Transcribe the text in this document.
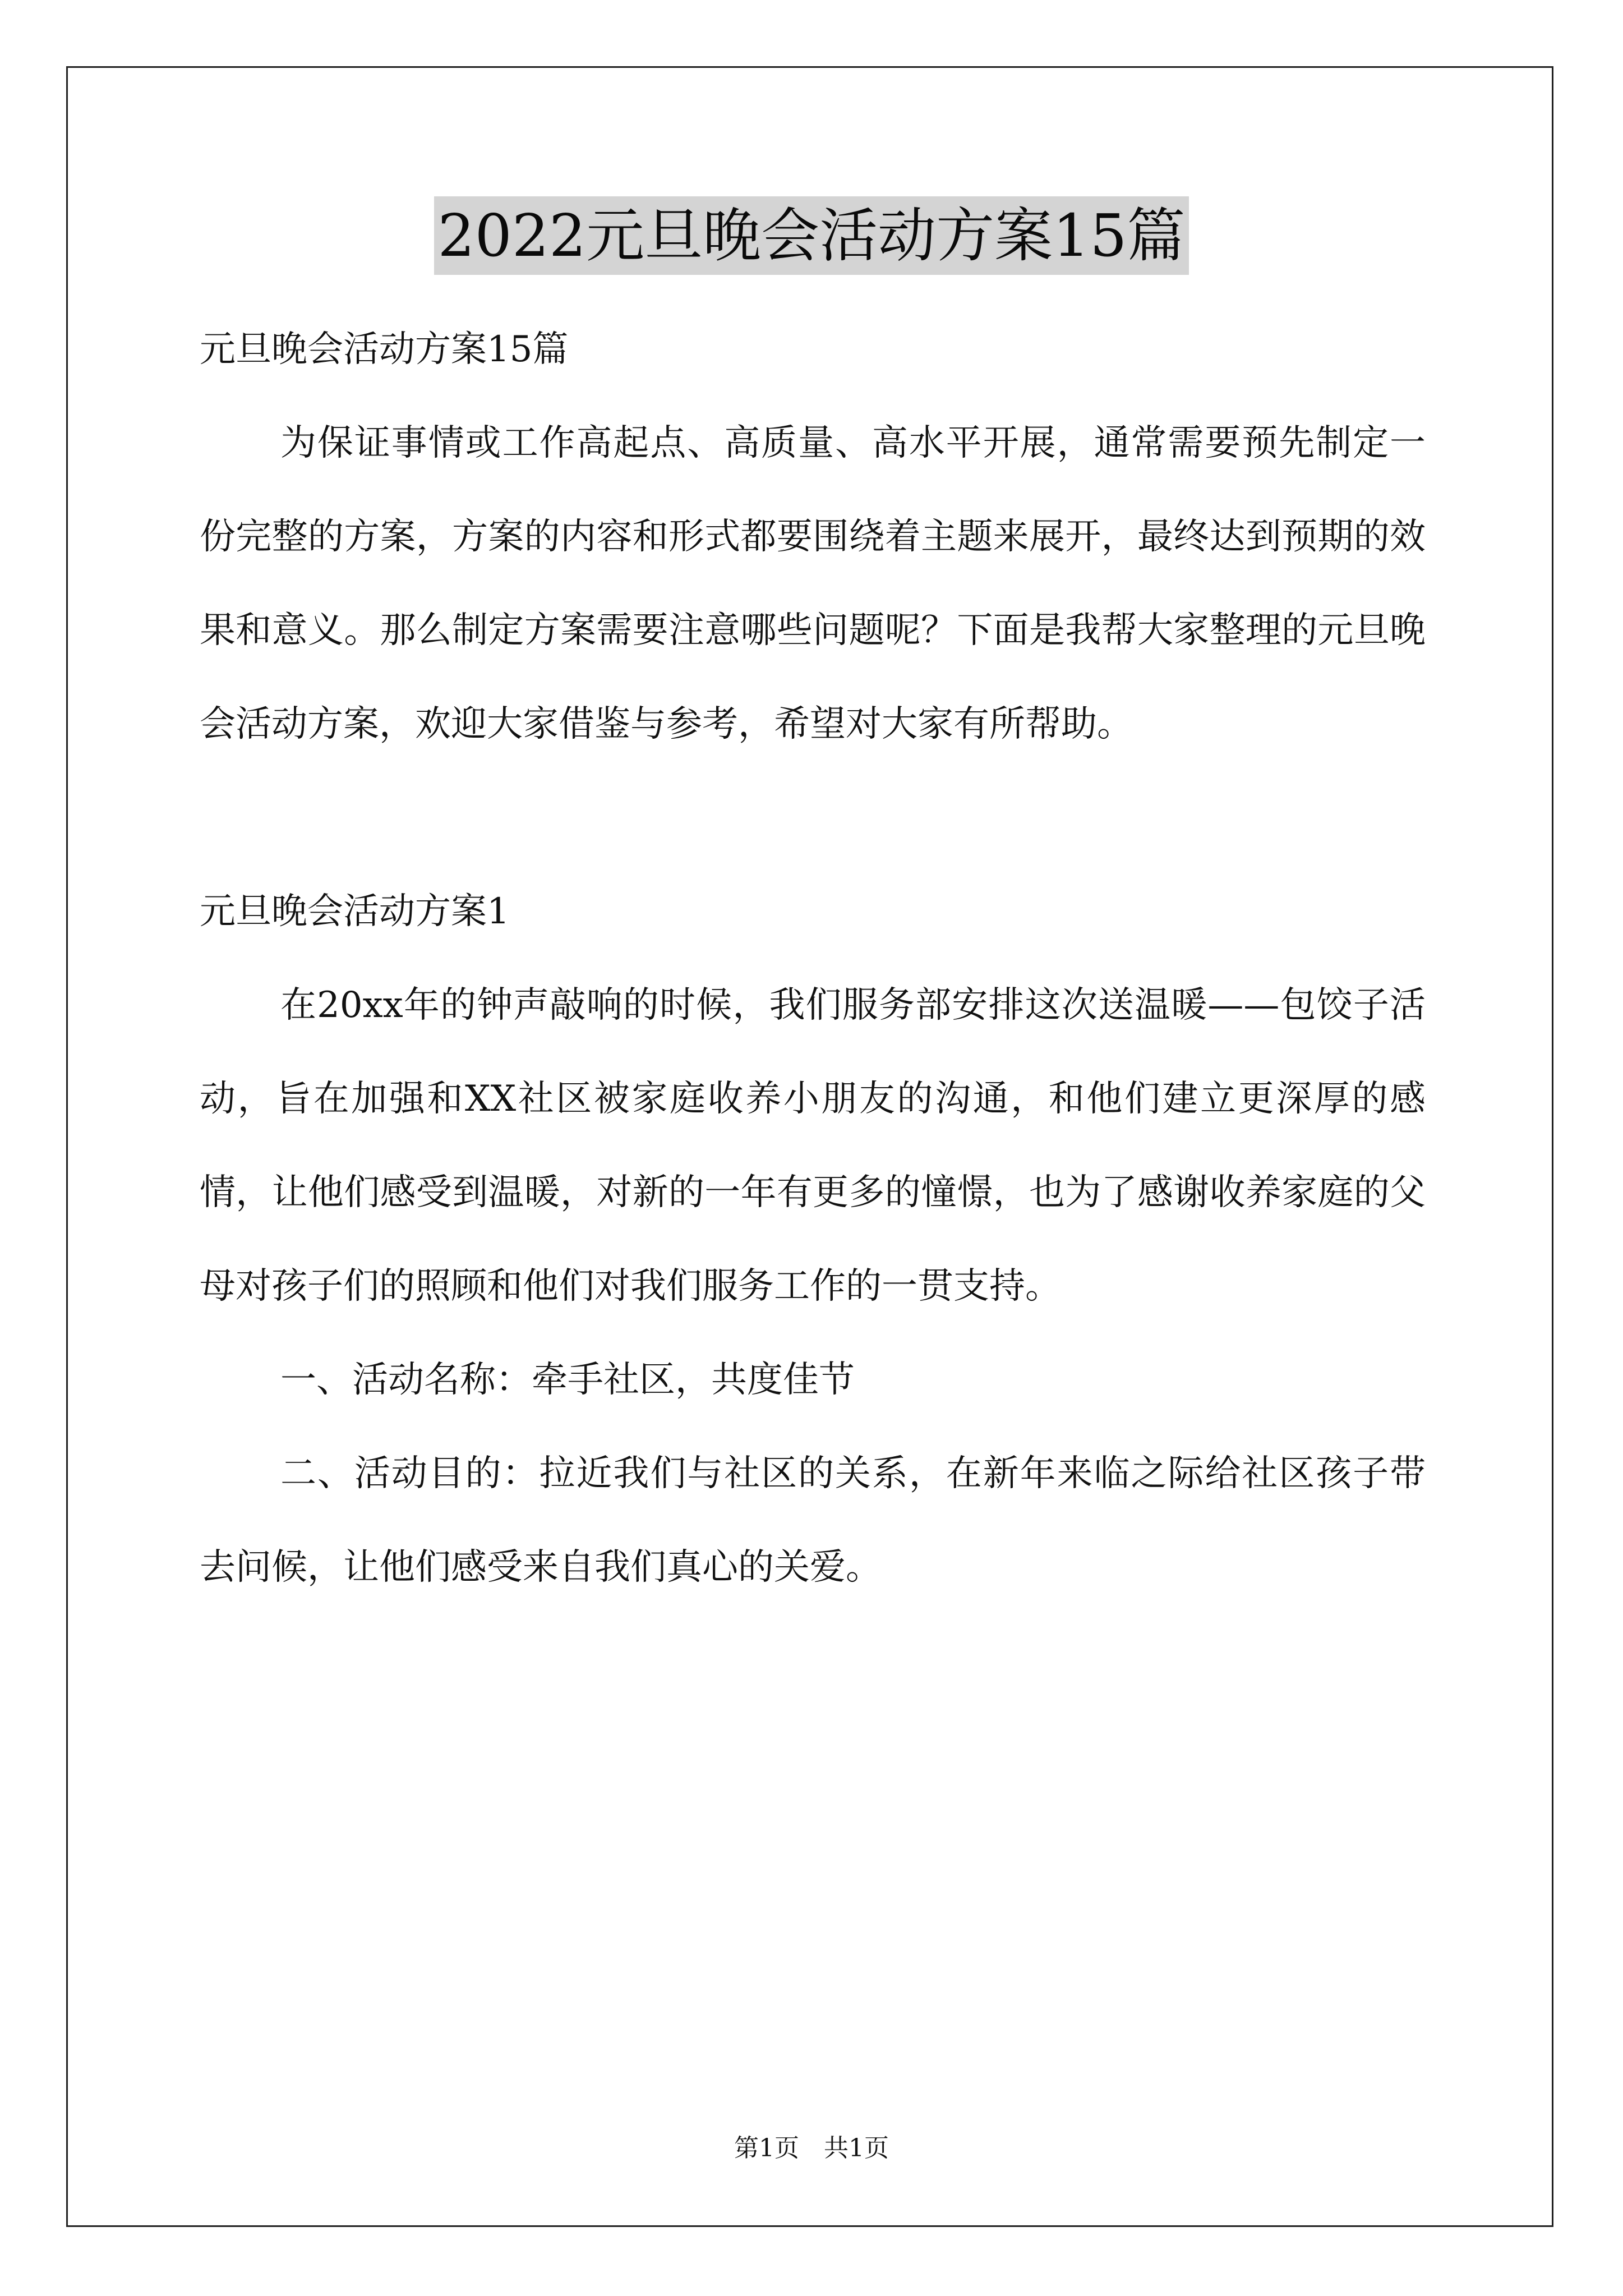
2022元旦晚会活动方案15篇

元旦晚会活动方案15篇

为保证事情或工作高起点、高质量、高水平开展，通常需要预先制定一份完整的方案，方案的内容和形式都要围绕着主题来展开，最终达到预期的效果和意义。那么制定方案需要注意哪些问题呢？下面是我帮大家整理的元旦晚会活动方案，欢迎大家借鉴与参考，希望对大家有所帮助。

元旦晚会活动方案1

在20xx年的钟声敲响的时候，我们服务部安排这次送温暖——包饺子活动，旨在加强和XX社区被家庭收养小朋友的沟通，和他们建立更深厚的感情，让他们感受到温暖，对新的一年有更多的憧憬，也为了感谢收养家庭的父母对孩子们的照顾和他们对我们服务工作的一贯支持。

一、活动名称：牵手社区，共度佳节

二、活动目的：拉近我们与社区的关系，在新年来临之际给社区孩子带去问候，让他们感受来自我们真心的关爱。

第1页 共1页
